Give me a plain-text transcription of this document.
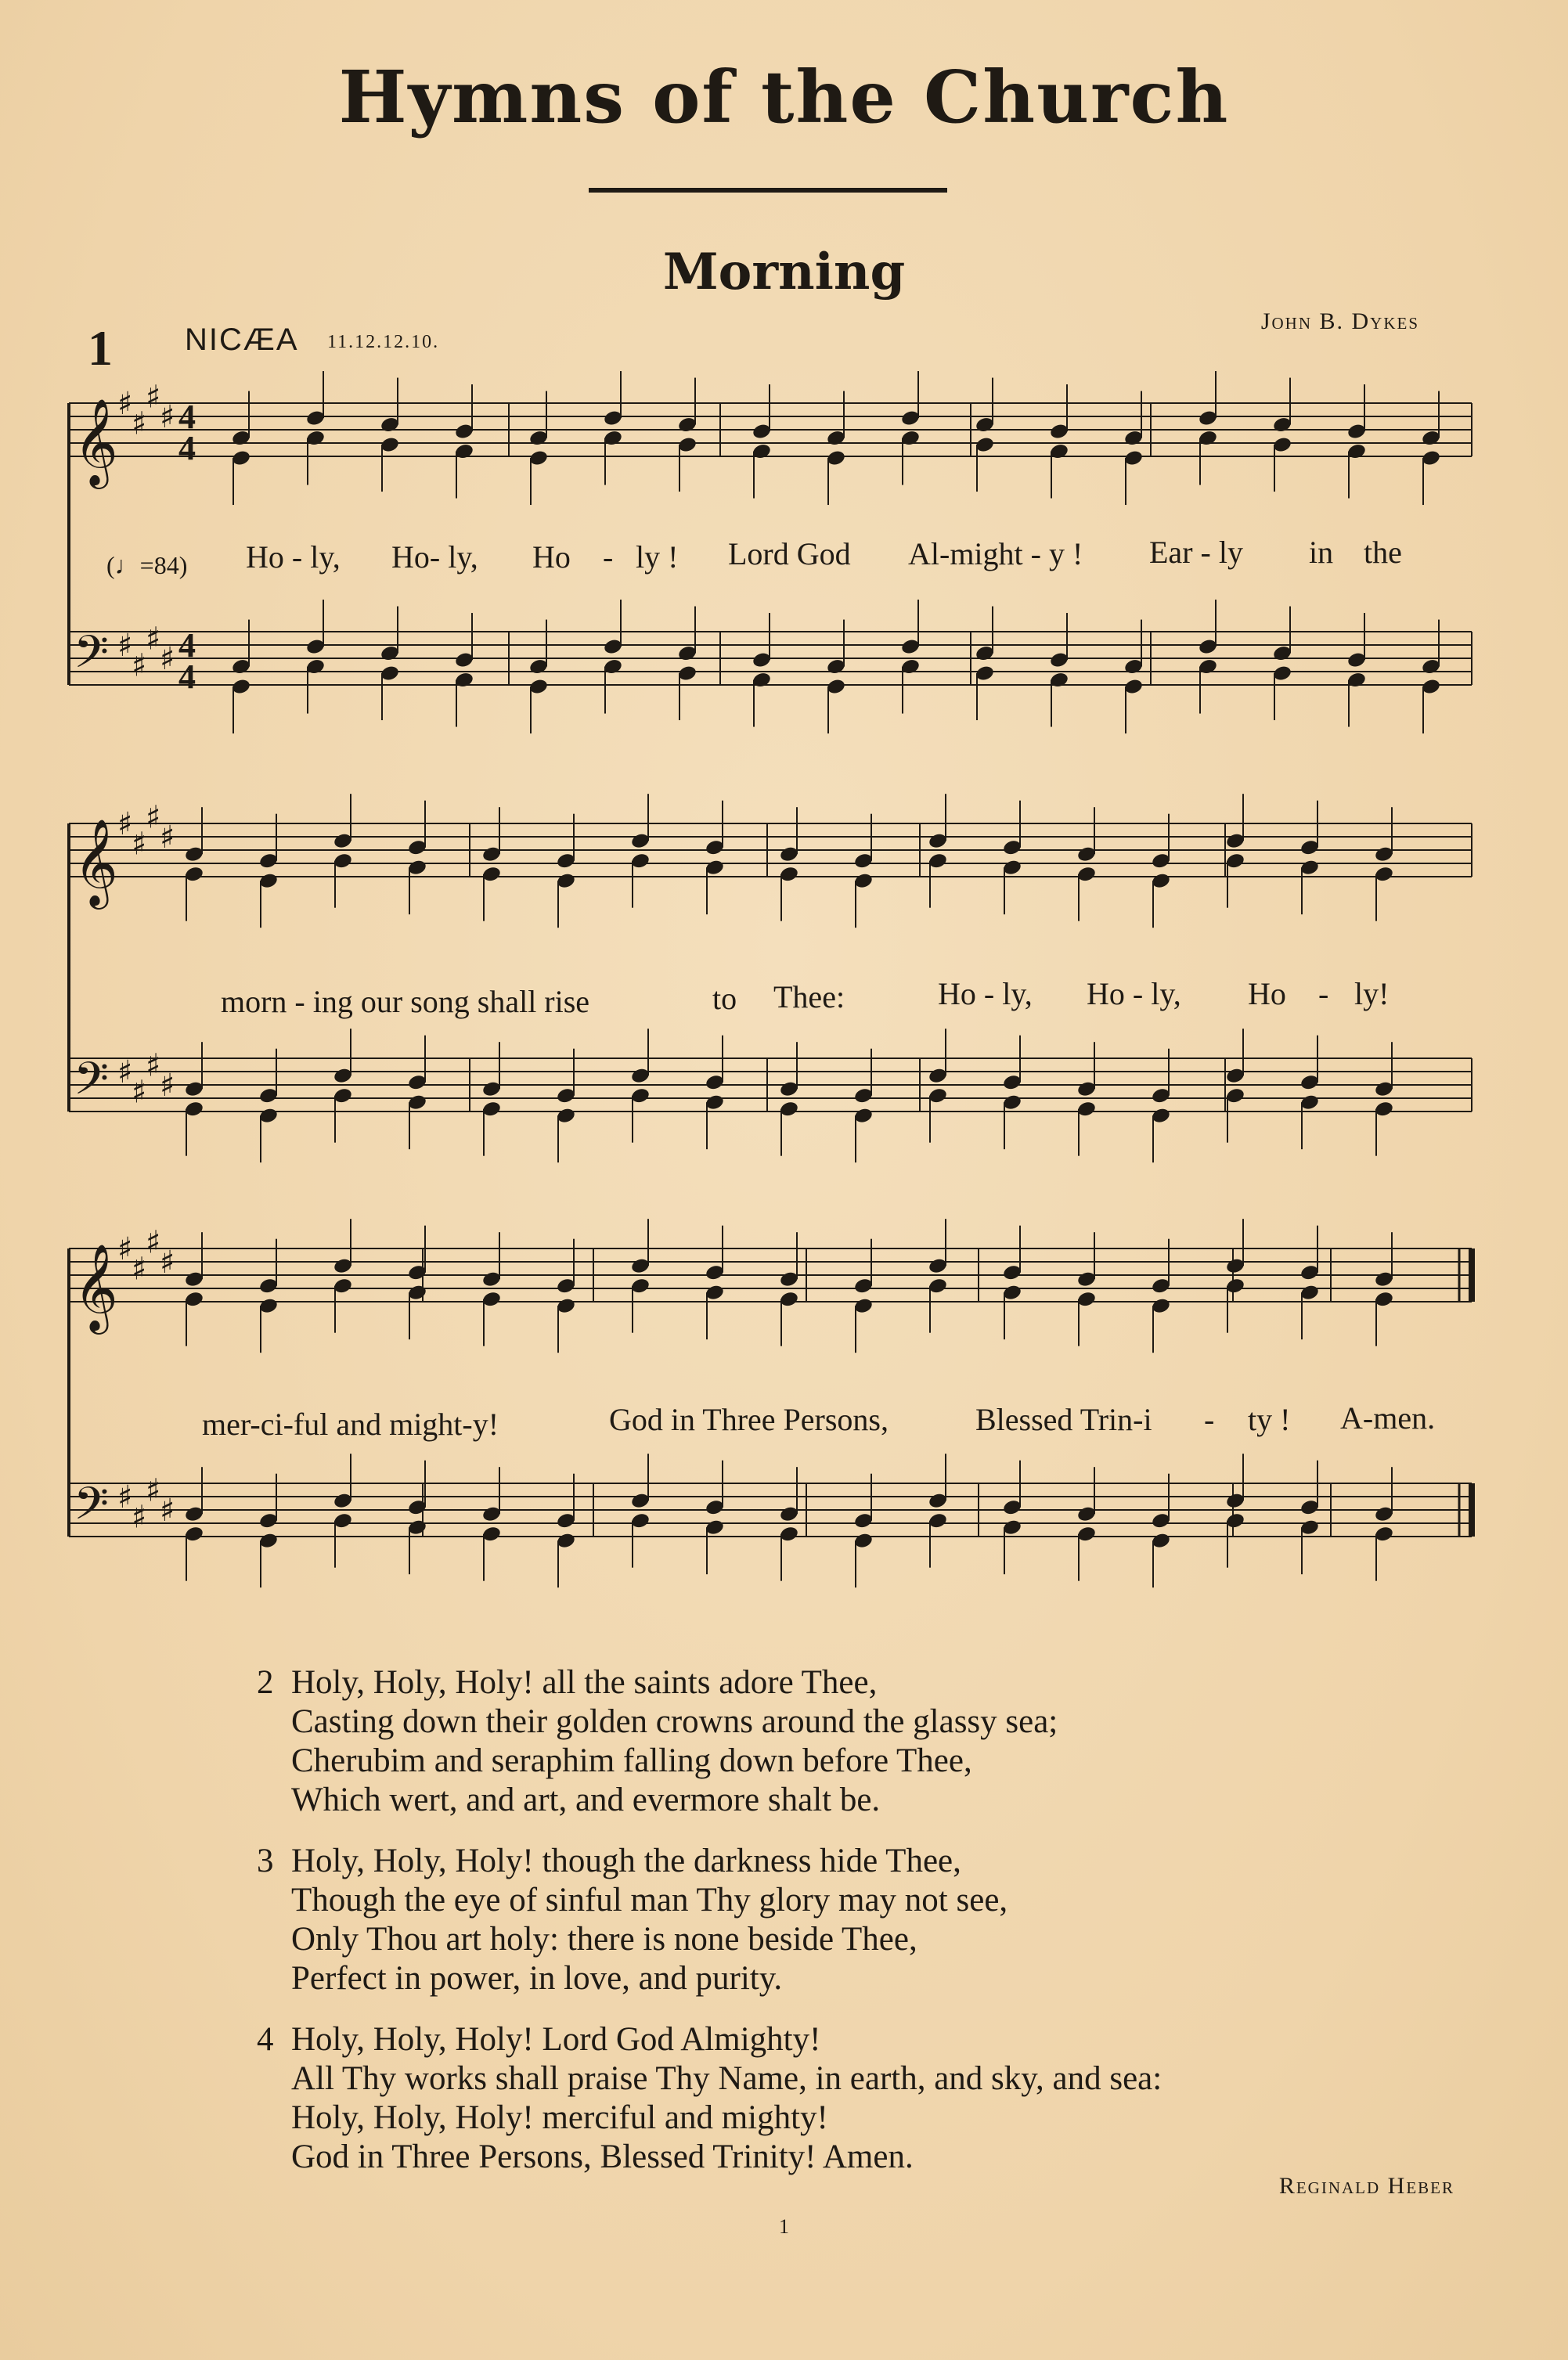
Hymns of the Church
Morning
1 NICÆA 11.12.12.10.
John B. Dykes
𝄞 ♯
♯
♯
♯ 4
4
𝄢 ♯
♯
♯
♯ 4
4
𝄞 ♯
♯
♯
♯
𝄢 ♯
♯
♯
♯
𝄞 ♯
♯
♯
♯
𝄢 ♯
♯
♯
♯
(♩=84) Ho - ly, Ho- ly, Ho - ly ! Lord God Al-might - y ! Ear - ly in the
morn - ing our song shall rise	to Thee:	Ho - ly, Ho - ly, Ho - ly!
mer-ci-ful and might-y!	God in Three Persons,	Blessed Trin-i - ty ! A-men.
2 Holy, Holy, Holy! all the saints adore Thee,
Casting down their golden crowns around the glassy sea;
Cherubim and seraphim falling down before Thee,
Which wert, and art, and evermore shalt be.
3 Holy, Holy, Holy! though the darkness hide Thee,
Though the eye of sinful man Thy glory may not see,
Only Thou art holy: there is none beside Thee,
Perfect in power, in love, and purity.
4 Holy, Holy, Holy! Lord God Almighty!
All Thy works shall praise Thy Name, in earth, and sky, and sea:
Holy, Holy, Holy! merciful and mighty!
God in Three Persons, Blessed Trinity! Amen.
Reginald Heber
1
